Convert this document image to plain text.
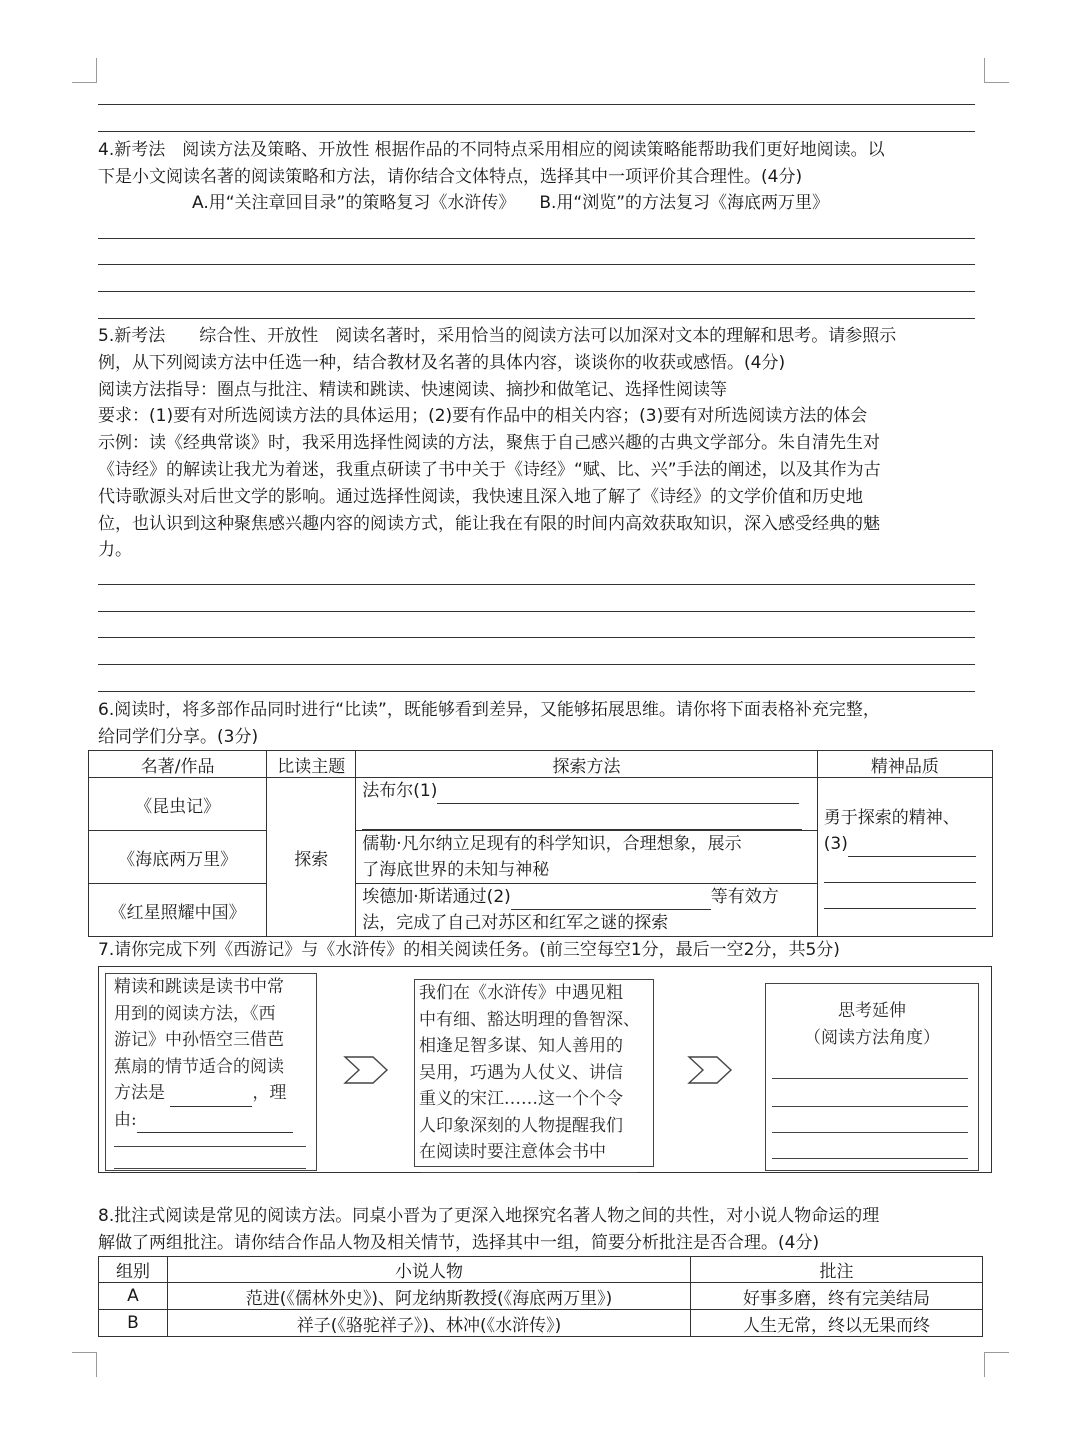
4.新考法　阅读方法及策略、开放性 根据作品的不同特点采用相应的阅读策略能帮助我们更好地阅读。以
下是小文阅读名著的阅读策略和方法，请你结合文体特点，选择其中一项评价其合理性。(4分)
A.用“关注章回目录”的策略复习《水浒传》 B.用“浏览”的方法复习《海底两万里》
5.新考法　　综合性、开放性　阅读名著时，采用恰当的阅读方法可以加深对文本的理解和思考。请参照示
例，从下列阅读方法中任选一种，结合教材及名著的具体内容，谈谈你的收获或感悟。(4分)
阅读方法指导：圈点与批注、精读和跳读、快速阅读、摘抄和做笔记、选择性阅读等
要求：(1)要有对所选阅读方法的具体运用；(2)要有作品中的相关内容；(3)要有对所选阅读方法的体会
示例：读《经典常谈》时，我采用选择性阅读的方法，聚焦于自己感兴趣的古典文学部分。朱自清先生对
《诗经》的解读让我尤为着迷，我重点研读了书中关于《诗经》“赋、比、兴”手法的阐述，以及其作为古
代诗歌源头对后世文学的影响。通过选择性阅读，我快速且深入地了解了《诗经》的文学价值和历史地
位，也认识到这种聚焦感兴趣内容的阅读方式，能让我在有限的时间内高效获取知识，深入感受经典的魅
力。
6.阅读时，将多部作品同时进行“比读”，既能够看到差异，又能够拓展思维。请你将下面表格补充完整，
给同学们分享。(3分)
名著/作品	比读主题	探索方法	精神品质
《昆虫记》	探索	法布尔(1)	勇于探索的精神、
(3)

《海底两万里》		儒勒·凡尔纳立足现有的科学知识，合理想象，展示
了海底世界的未知与神秘	

《红星照耀中国》		埃德加·斯诺通过(2) 等有效方
法，完成了自己对苏区和红军之谜的探索	
7.请你完成下列《西游记》与《水浒传》的相关阅读任务。(前三空每空1分，最后一空2分，共5分)
精读和跳读是读书中常
用到的阅读方法，《西
游记》中孙悟空三借芭
蕉扇的情节适合的阅读
方法是	，理
由:
我们在《水浒传》中遇见粗
中有细、豁达明理的鲁智深、
相逢足智多谋、知人善用的
吴用，巧遇为人仗义、讲信
重义的宋江……这一个个令
人印象深刻的人物提醒我们
在阅读时要注意体会书中
思考延伸
（阅读方法角度）
8.批注式阅读是常见的阅读方法。同桌小晋为了更深入地探究名著人物之间的共性，对小说人物命运的理
解做了两组批注。请你结合作品人物及相关情节，选择其中一组，简要分析批注是否合理。(4分)
组别	小说人物	批注
A	范进(《儒林外史》)、阿龙纳斯教授(《海底两万里》)	好事多磨，终有完美结局
B	祥子(《骆驼祥子》)、林冲(《水浒传》)	人生无常，终以无果而终
